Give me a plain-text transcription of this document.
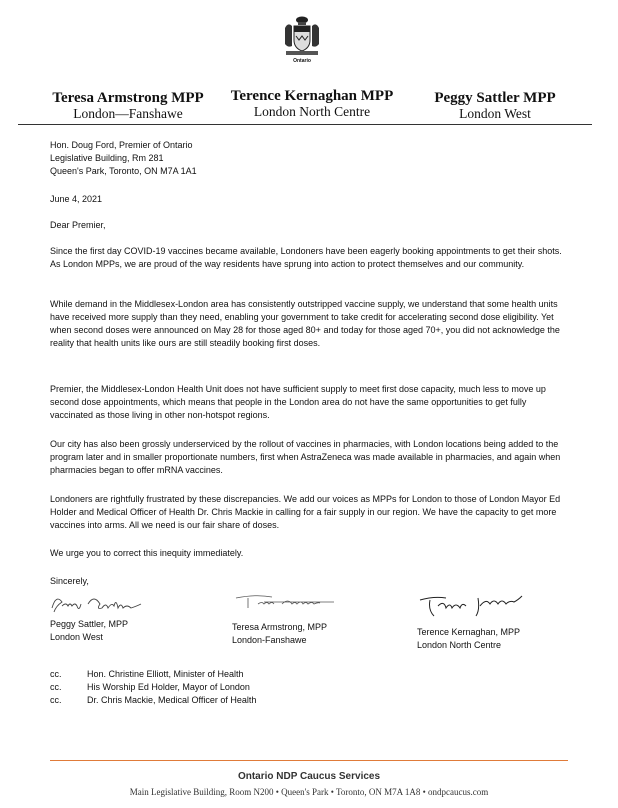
Ontario
Teresa Armstrong MPP
London—Fanshawe
Terence Kernaghan MPP
London North Centre
Peggy Sattler MPP
London West
Hon. Doug Ford, Premier of Ontario
Legislative Building, Rm 281
Queen's Park, Toronto, ON M7A 1A1
June 4, 2021
Dear Premier,
Since the first day COVID-19 vaccines became available, Londoners have been eagerly booking appointments to get their shots. As London MPPs, we are proud of the way residents have sprung into action to protect themselves and our community.
While demand in the Middlesex-London area has consistently outstripped vaccine supply, we understand that some health units have received more supply than they need, enabling your government to take credit for accelerating second dose eligibility. Yet when second doses were announced on May 28 for those aged 80+ and today for those aged 70+, you did not acknowledge the reality that health units like ours are still steadily booking first doses.
Premier, the Middlesex-London Health Unit does not have sufficient supply to meet first dose capacity, much less to move up second dose appointments, which means that people in the London area do not have the same opportunities to get fully vaccinated as those living in other non-hotspot regions.
Our city has also been grossly underserviced by the rollout of vaccines in pharmacies, with London locations being added to the program later and in smaller proportionate numbers, first when AstraZeneca was made available in pharmacies, and again when pharmacies began to offer mRNA vaccines.
Londoners are rightfully frustrated by these discrepancies. We add our voices as MPPs for London to those of London Mayor Ed Holder and Medical Officer of Health Dr. Chris Mackie in calling for a fair supply in our region. We have the capacity to get more vaccines into arms. All we need is our fair share of doses.
We urge you to correct this inequity immediately.
Sincerely,
Peggy Sattler, MPP
London West
Teresa Armstrong, MPP
London-Fanshawe
Terence Kernaghan, MPP
London North Centre
cc.	Hon. Christine Elliott, Minister of Health
cc.	His Worship Ed Holder, Mayor of London
cc.	Dr. Chris Mackie, Medical Officer of Health
Ontario NDP Caucus Services
Main Legislative Building, Room N200 • Queen's Park • Toronto, ON M7A 1A8 • ondpcaucus.com
